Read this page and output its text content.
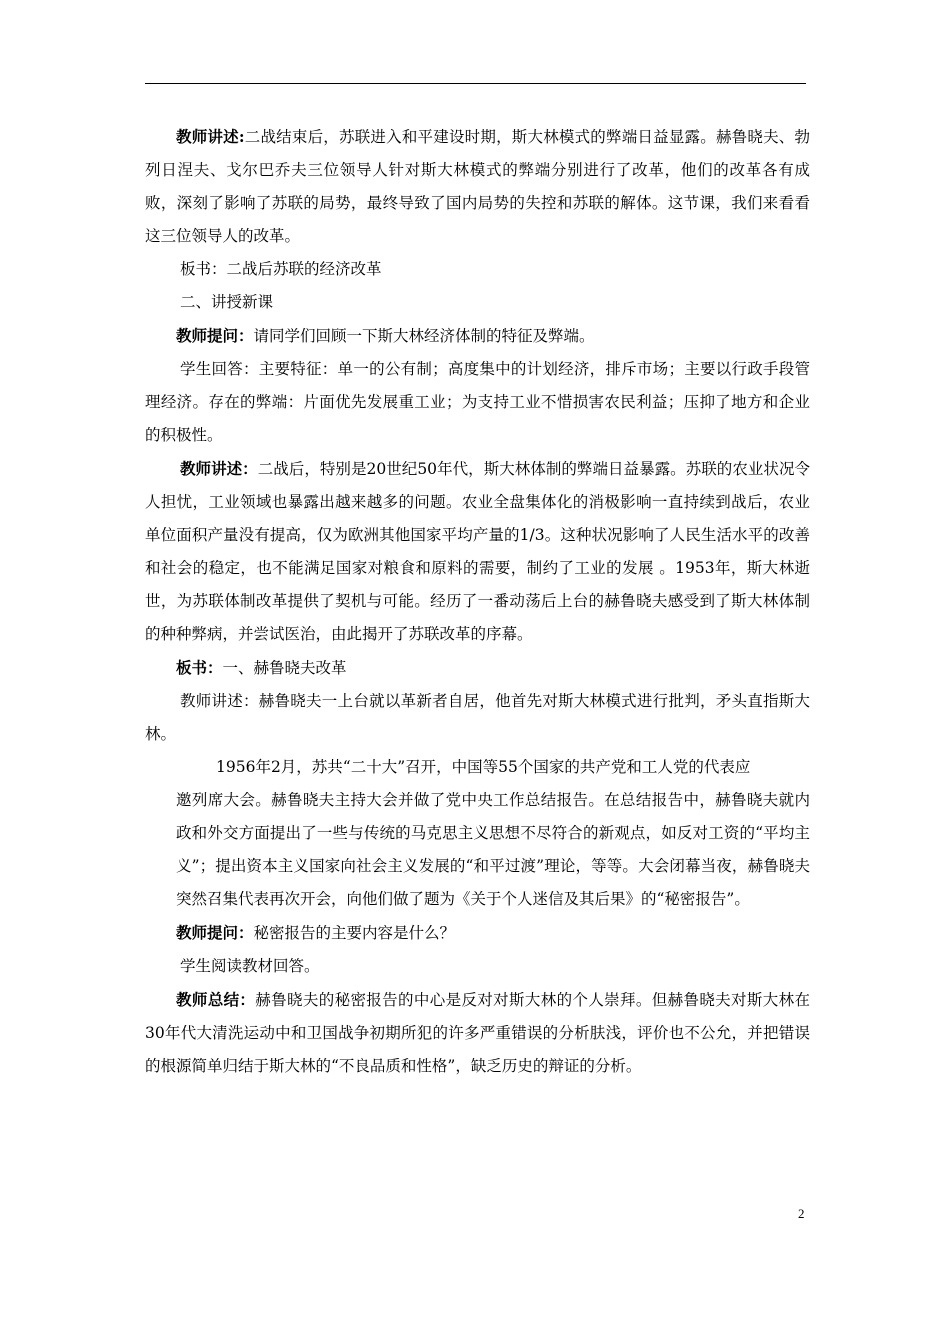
教师讲述:二战结束后，苏联进入和平建设时期，斯大林模式的弊端日益显露。赫鲁晓夫、勃列日涅夫、戈尔巴乔夫三位领导人针对斯大林模式的弊端分别进行了改革，他们的改革各有成败，深刻了影响了苏联的局势，最终导致了国内局势的失控和苏联的解体。这节课，我们来看看这三位领导人的改革。

板书：二战后苏联的经济改革

二、讲授新课

教师提问：请同学们回顾一下斯大林经济体制的特征及弊端。

学生回答：主要特征：单一的公有制；高度集中的计划经济，排斥市场；主要以行政手段管理经济。存在的弊端：片面优先发展重工业；为支持工业不惜损害农民利益；压抑了地方和企业的积极性。

教师讲述：二战后，特别是20世纪50年代，斯大林体制的弊端日益暴露。苏联的农业状况令人担忧，工业领域也暴露出越来越多的问题。农业全盘集体化的消极影响一直持续到战后，农业单位面积产量没有提高，仅为欧洲其他国家平均产量的1/3。这种状况影响了人民生活水平的改善和社会的稳定，也不能满足国家对粮食和原料的需要，制约了工业的发展 。1953年，斯大林逝世，为苏联体制改革提供了契机与可能。经历了一番动荡后上台的赫鲁晓夫感受到了斯大林体制的种种弊病，并尝试医治，由此揭开了苏联改革的序幕。

板书：一、赫鲁晓夫改革

教师讲述：赫鲁晓夫一上台就以革新者自居，他首先对斯大林模式进行批判，矛头直指斯大林。

1956年2月，苏共“二十大”召开，中国等55个国家的共产党和工人党的代表应

邀列席大会。赫鲁晓夫主持大会并做了党中央工作总结报告。在总结报告中，赫鲁晓夫就内政和外交方面提出了一些与传统的马克思主义思想不尽符合的新观点，如反对工资的“平均主义”；提出资本主义国家向社会主义发展的“和平过渡”理论，等等。大会闭幕当夜，赫鲁晓夫突然召集代表再次开会，向他们做了题为《关于个人迷信及其后果》的“秘密报告”。

教师提问：秘密报告的主要内容是什么？

学生阅读教材回答。

教师总结：赫鲁晓夫的秘密报告的中心是反对对斯大林的个人崇拜。但赫鲁晓夫对斯大林在30年代大清洗运动中和卫国战争初期所犯的许多严重错误的分析肤浅，评价也不公允，并把错误的根源简单归结于斯大林的“不良品质和性格”，缺乏历史的辩证的分析。

2
